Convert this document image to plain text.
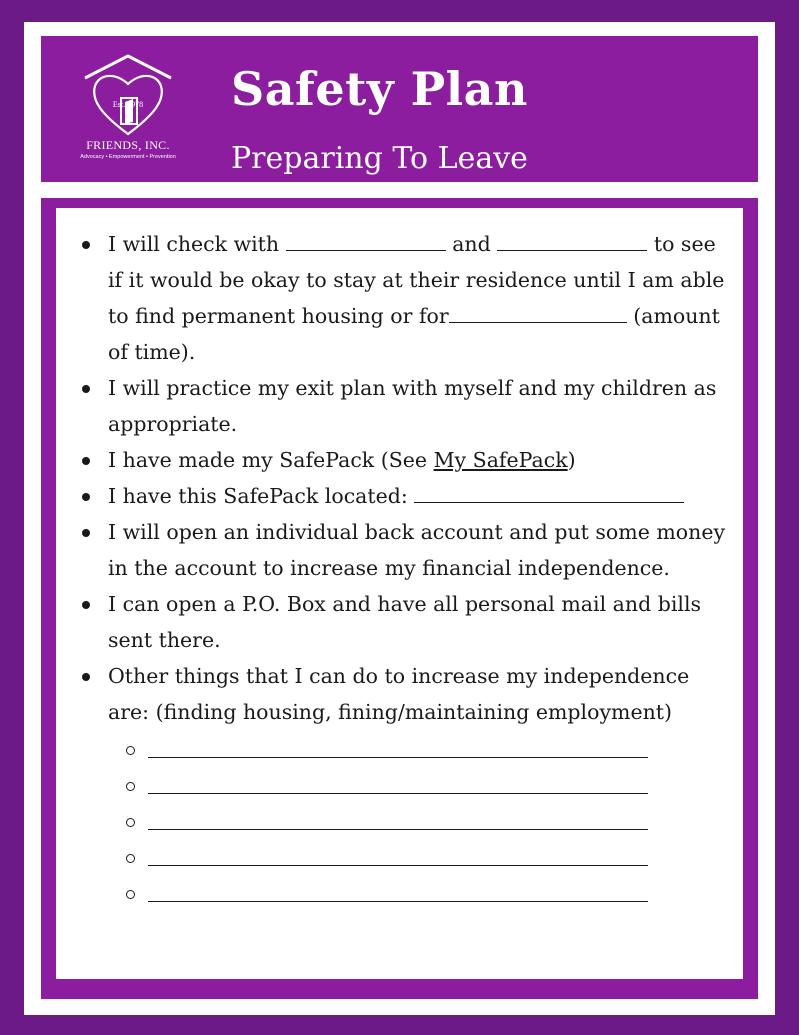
Est. 1978
FRIENDS, INC.
Advocacy • Empowerment • Prevention
Safety Plan
Preparing To Leave
I will check with	and	to see if it would be okay to stay at their residence until I am able to find permanent housing or for	(amount of time).
I will practice my exit plan with myself and my children as appropriate.
I have made my SafePack (See My SafePack)
I have this SafePack located:
I will open an individual back account and put some money in the account to increase my financial independence.
I can open a P.O. Box and have all personal mail and bills sent there.
Other things that I can do to increase my independence are: (finding housing, fining/maintaining employment)
